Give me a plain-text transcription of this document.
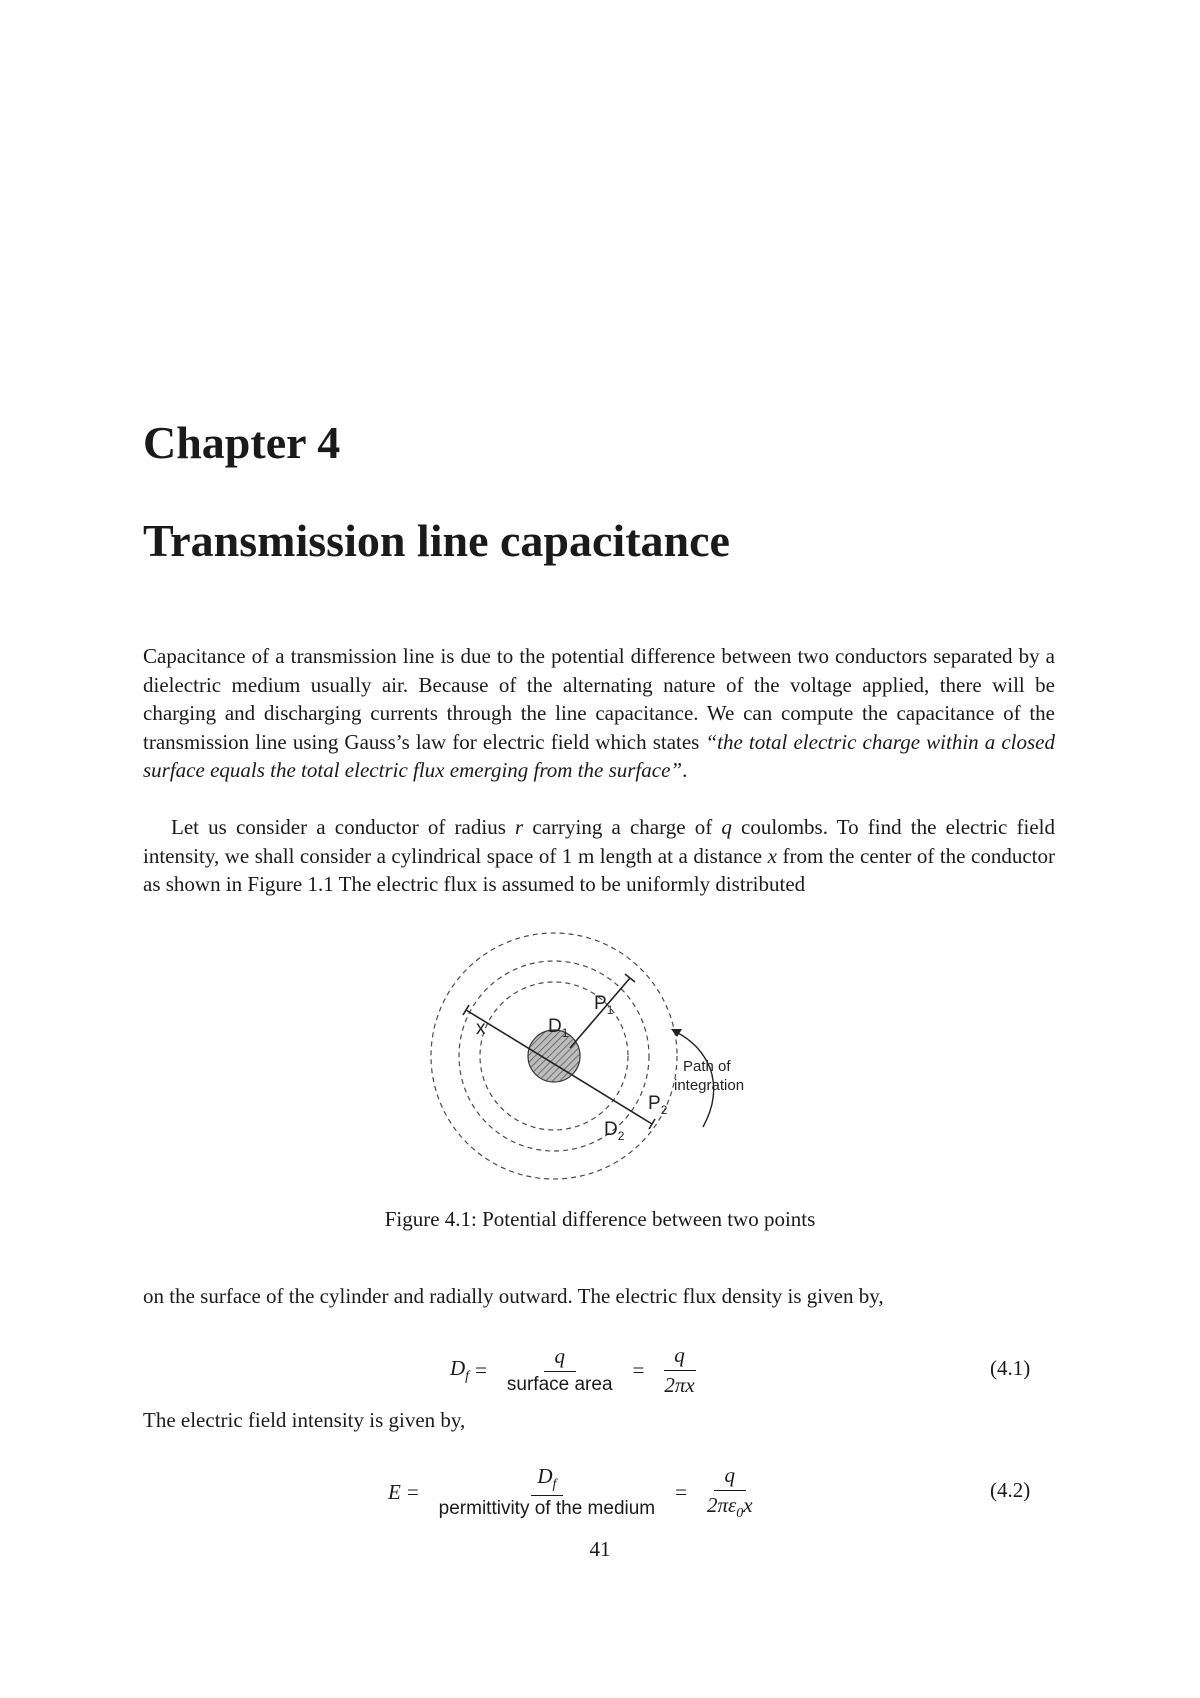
Chapter 4
Transmission line capacitance
Capacitance of a transmission line is due to the potential difference between two conductors separated by a dielectric medium usually air. Because of the alternating nature of the voltage applied, there will be charging and discharging currents through the line capacitance. We can compute the capacitance of the transmission line using Gauss’s law for electric field which states “the total electric charge within a closed surface equals the total electric flux emerging from the surface”.
Let us consider a conductor of radius r carrying a charge of q coulombs. To find the electric field intensity, we shall consider a cylindrical space of 1 m length at a distance x from the center of the conductor as shown in Figure 1.1 The electric flux is assumed to be uniformly distributed
x	$D_1$
$P_1$
$D_2$
$P_2$
Path of
integration
Figure 4.1: Potential difference between two points
on the surface of the cylinder and radially outward. The electric flux density is given by,
$D_f = \frac{q}{\text{surface area}} = \frac{q}{2\pi x}$	(4.1)
The electric field intensity is given by,
$E = \frac{D_f}{\text{permittivity of the medium}} = \frac{q}{2\pi\varepsilon_0x}$	(4.2)
41
